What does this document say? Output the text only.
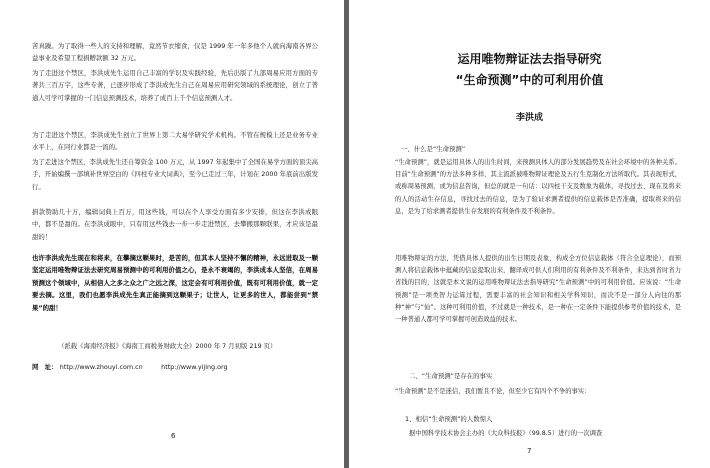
苦真躁。为了取得一些人的支持和理解，竟然节衣缩食，仅是 1999 年一年多他个人就向海南各界公益事业及希望工程捐赠款额 32 万元。

为了走进这个禁区，李洪成先生运用自己丰富的学识及实践经验，先后出版了九部周易应用方面的专著共三百万字，这些专著，已逐步形成了李洪成先生自己在周易应用研究领域的系统理论，创立了普通人可学可掌握的一门信息预测技术，培养了成百上千个信息预测人才。

为了走进这个禁区，李洪成先生创立了世界上第二大易学研究学术机构。不管在规模上还是业务专业水平上，在同行业都是一流的。

为了走进这个禁区，李洪成先生还自筹资金 100 万元，从 1997 年起集中了全国在易学方面的顶尖高手，开始编撰一部填补世界空白的《四柱专业大词典》，至今已走过三年，计划在 2000 年底前出版发行。

捐款赞助几十万，编辑词典上百万，用这些钱，可以在个人享受方面有多少安排，但这在李洪成眼中，都不是甜的。在李洪成眼中，只有用这些钱去一步一步走进禁区，去攀搬那颗联果，才应该是最甜的！

也许李洪成先生现在和将来，在攀摘这颗果时，是苦的，但其本人坚持不懈的精神，永远进取及一颗坚定运用唯物辩证法去研究周易预测中的可利用价值之心，是永不衰竭的，李洪成本人坚信，在周易预测这个领域中，从相信人之多之众之广之远之深，这定会有可利用价值，既有可利用价值，就一定要去摘。这里，我们也愿李洪成先生真正能摘到这颗果子；让世人，让更多的世人，都能尝到“禁果”的甜！

（派载《海南经济报》《海南工商税务财政大全》2000 年 7 月初版 219 页）

网　址： http://www.zhouyi.com.cn	http://www.yijing.org

6
运用唯物辩证法去指导研究
“生命预测”中的可利用价值
李洪成

一、什么是“生命预测”

“生命预测”，就是运用具体人的出生时间，来预测具体人的部分发展趋势及在社会环境中的各种关系。目前“生命预测”的方法多种多样，其主流派被唯物辩证理论及五行生克制化方法所取代。其表现形式，或称周易预测，或为信息咨询，但总的就是一句话：以四柱干支及数象为载体，寻找过去、现在及将来的人的活动生存信息，寻找过去的信息，是为了验证求测者提供的信息载体是否准确，提取将来的信息，是为了给求测者提供生存发展的有利条件及不利条件。

用唯物辩证的方法，凭借具体人提供的出生日期及表象，构成全方位信息载体（符合全息理论），而预测人将信息载体中蕴藏的信息提取出来，翻译成可供人们利用的有利条件及不利条件，来达到省时省力省钱的目的，这就是本文说的运用唯物辩证法去指导研究“生命预测”中的可利用价值。应该说：“生命预测”是一项类智力运算过程，需要丰富的社会知识和相关学科知识，而决不是一部分人向往的那种“神”与“仙”。这种可利用价值，不过就是一种技术，是一种在一定条件下能提供参考价值的技术，是一种普通人都可学可掌握可创造效益的技术。

二、“生命预测”是存在的事实

“生命预测”是不是迷信，我们暂且不论，但至少它有四个不争的事实：

1、相信“生命预测”的人数惊人

据中国科学技术协会主办的《大众科技报》（99.8.5）进行的一次调查

7
